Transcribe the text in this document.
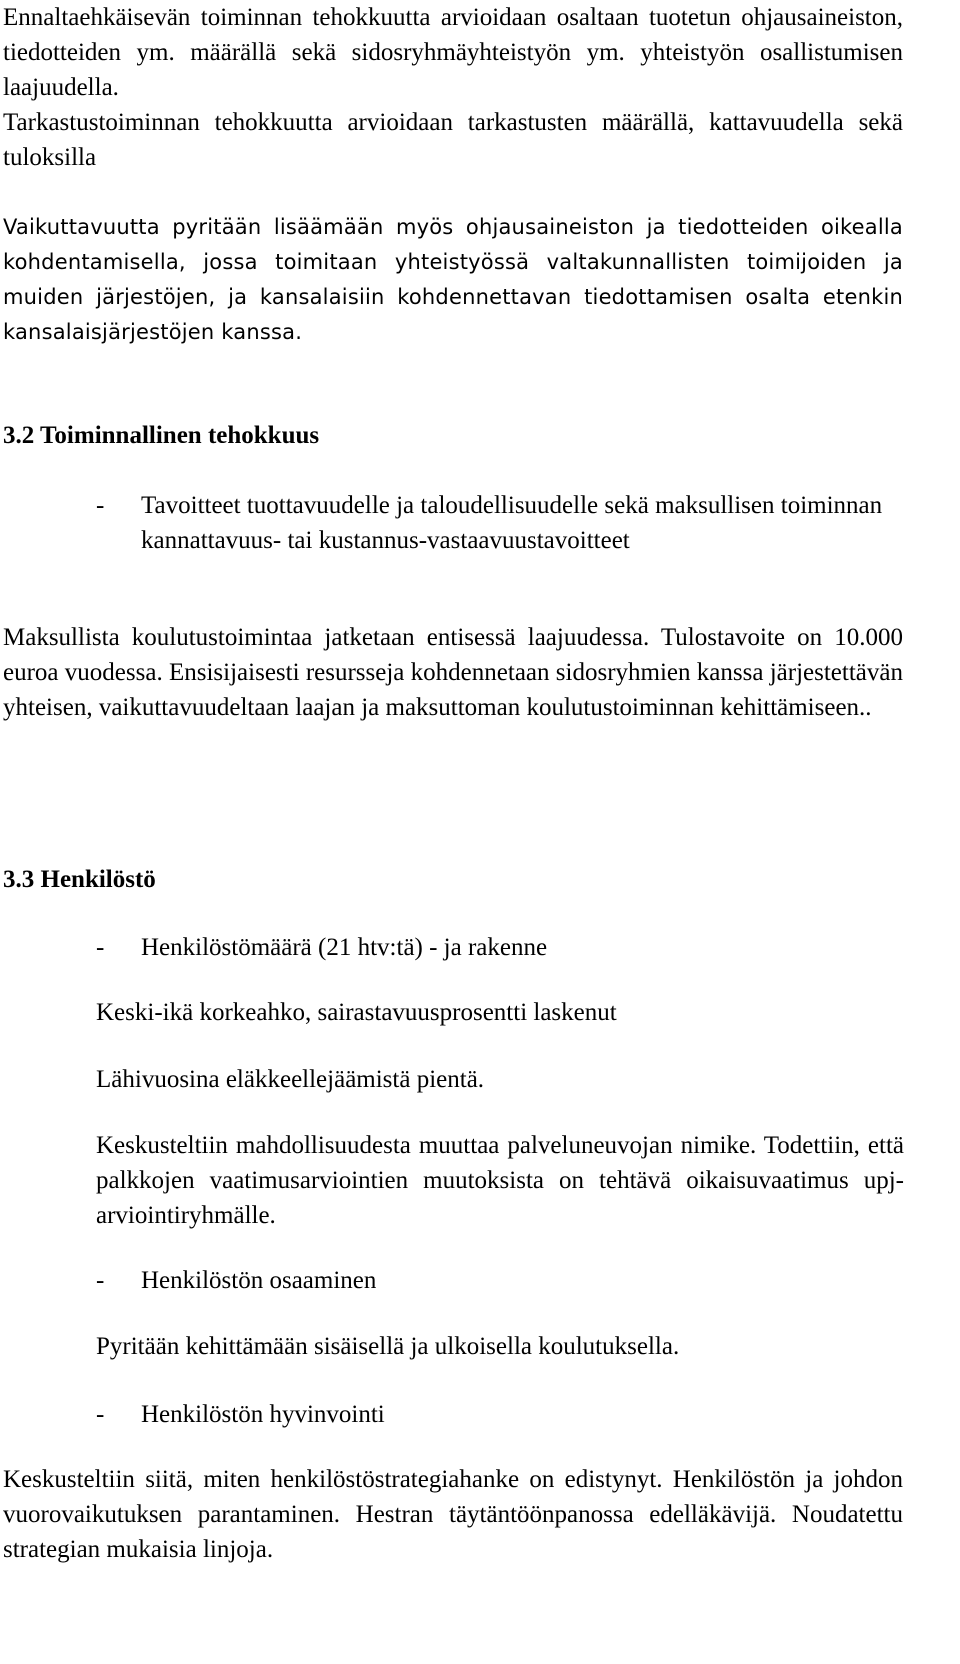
Ennaltaehkäisevän toiminnan tehokkuutta arvioidaan osaltaan tuotetun ohjausaineiston, tiedotteiden ym. määrällä sekä sidosryhmäyhteistyön ym. yhteistyön osallistumisen laajuudella.

Tarkastustoiminnan tehokkuutta arvioidaan tarkastusten määrällä, kattavuudella sekä tuloksilla

Vaikuttavuutta pyritään lisäämään myös ohjausaineiston ja tiedotteiden oikealla kohdentamisella, jossa toimitaan yhteistyössä valtakunnallisten toimijoiden ja muiden järjestöjen, ja kansalaisiin kohdennettavan tiedottamisen osalta etenkin kansalaisjärjestöjen kanssa.

3.2 Toiminnallinen tehokkuus

- Tavoitteet tuottavuudelle ja taloudellisuudelle sekä maksullisen toiminnan kannattavuus- tai kustannus-vastaavuustavoitteet

Maksullista koulutustoimintaa jatketaan entisessä laajuudessa. Tulostavoite on 10.000 euroa vuodessa. Ensisijaisesti resursseja kohdennetaan sidosryhmien kanssa järjestettävän yhteisen, vaikuttavuudeltaan laajan ja maksuttoman koulutustoiminnan kehittämiseen..

3.3 Henkilöstö

- Henkilöstömäärä (21 htv:tä) - ja rakenne

Keski-ikä korkeahko, sairastavuusprosentti laskenut

Lähivuosina eläkkeellejäämistä pientä.

Keskusteltiin mahdollisuudesta muuttaa palveluneuvojan nimike. Todettiin, että palkkojen vaatimusarviointien muutoksista on tehtävä oikaisuvaatimus upj-arviointiryhmälle.

- Henkilöstön osaaminen

Pyritään kehittämään sisäisellä ja ulkoisella koulutuksella.

- Henkilöstön hyvinvointi

Keskusteltiin siitä, miten henkilöstöstrategiahanke on edistynyt. Henkilöstön ja johdon vuorovaikutuksen parantaminen. Hestran täytäntöönpanossa edelläkävijä. Noudatettu strategian mukaisia linjoja.
